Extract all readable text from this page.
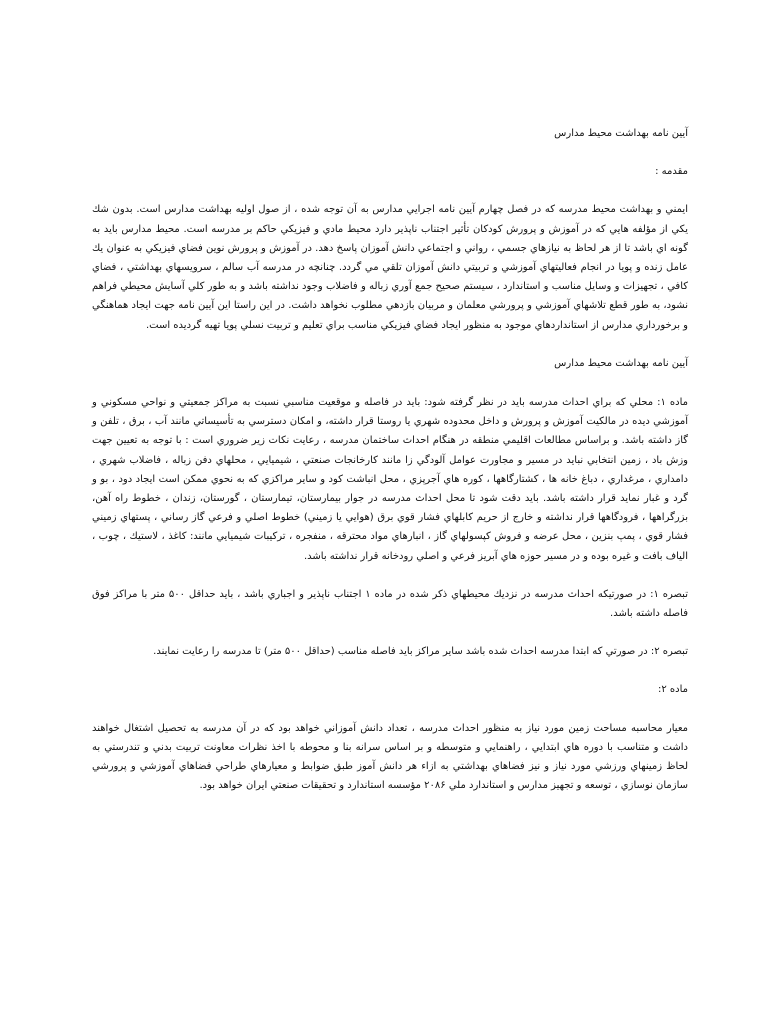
آيين نامه بهداشت محيط مدارس

مقدمه :

ايمني و بهداشت محيط مدرسه كه در فصل چهارم آيين نامه اجرايي مدارس به آن توجه شده ، از صول اوليه بهداشت مدارس است. بدون شك يكي از مؤلفه هايي كه در آموزش و پرورش كودكان تأثير اجتناب ناپذير دارد محيط مادي و فيزيكي حاكم بر مدرسه است. محيط مدارس بايد به گونه اي باشد تا از هر لحاظ به نيازهاي جسمي ، رواني و اجتماعي دانش آموزان پاسخ دهد. در آموزش و پرورش نوين فضاي فيزيكي به عنوان يك عامل زنده و پويا در انجام فعاليتهاي آموزشي و تربيتي دانش آموزان تلقي مي گردد. چنانچه در مدرسه آب سالم ، سرويسهاي بهداشتي ، فضاي كافي ، تجهيزات و وسايل مناسب و استاندارد ، سيستم صحيح جمع آوري زباله و فاضلاب وجود نداشته باشد و به طور كلي آسايش محيطي فراهم نشود، به طور قطع تلاشهاي آموزشي و پرورشي معلمان و مربيان بازدهي مطلوب نخواهد داشت. در اين راستا اين آيين نامه جهت ايجاد هماهنگي و برخورداري مدارس از استانداردهاي موجود به منظور ايجاد فضاي فيزيكي مناسب براي تعليم و تربيت نسلي پويا تهيه گرديده است.

آيين نامه بهداشت محيط مدارس

ماده ۱: محلي كه براي احداث مدرسه بايد در نظر گرفته شود: بايد در فاصله و موقعيت مناسبي نسبت به مراكز جمعيتي و نواحي مسكوني و آموزشي ديده در مالكيت آموزش و پرورش و داخل محدوده شهري يا روستا قرار داشته، و امكان دسترسي به تأسيساتي مانند آب ، برق ، تلفن و گاز داشته باشد. و براساس مطالعات اقليمي منطقه در هنگام احداث ساختمان مدرسه ، رعايت نكات زير ضروري است : با توجه به تعيين جهت وزش باد ، زمين انتخابي نبايد در مسير و مجاورت عوامل آلودگي زا مانند كارخانجات صنعتي ، شيميايي ، محلهاي دفن زباله ، فاضلاب شهري ، دامداري ، مرغداري ، دباغ خانه ها ، كشتارگاهها ، كوره هاي آجرپزي ، محل انباشت كود و ساير مراكزي كه به نحوي ممكن است ايجاد دود ، بو و گرد و غبار نمايد قرار داشته باشد. بايد دقت شود تا محل احداث مدرسه در جوار بيمارستان، تيمارستان ، گورستان، زندان ، خطوط راه آهن، بزرگراهها ، فرودگاهها قرار نداشته و خارج از حريم كابلهاي فشار قوي برق (هوايي يا زميني) خطوط اصلي و فرعي گاز رساني ، پستهاي زميني فشار قوي ، پمپ بنزين ، محل عرضه و فروش كپسولهاي گاز ، انبارهاي مواد محترقه ، منفجره ، تركيبات شيميايي مانند: كاغذ ، لاستيك ، چوب ، الياف بافت و غيره بوده و در مسير حوزه هاي آبريز فرعي و اصلي رودخانه قرار نداشته باشد.

تبصره ۱: در صورتيكه احداث مدرسه در نزديك محيطهاي ذكر شده در ماده ۱ اجتناب ناپذير و اجباري باشد ، بايد حداقل ۵۰۰ متر با مراكز فوق فاصله داشته باشد.

تبصره ۲: در صورتي كه ابتدا مدرسه احداث شده باشد ساير مراكز بايد فاصله مناسب (حداقل ۵۰۰ متر) تا مدرسه را رعايت نمايند.

ماده ۲:

معيار محاسبه مساحت زمين مورد نياز به منظور احداث مدرسه ، تعداد دانش آموزاني خواهد بود كه در آن مدرسه به تحصيل اشتغال خواهند داشت و متناسب با دوره هاي ابتدايي ، راهنمايي و متوسطه و بر اساس سرانه بنا و محوطه با اخذ نظرات معاونت تربيت بدني و تندرستي به لحاظ زمينهاي ورزشي مورد نياز و نيز فضاهاي بهداشتي به ازاء هر دانش آموز طبق ضوابط و معيارهاي طراحي فضاهاي آموزشي و پرورشي سازمان نوسازي ، توسعه و تجهيز مدارس و استاندارد ملي ۲۰۸۶ مؤسسه استاندارد و تحقيقات صنعتي ايران خواهد بود.
